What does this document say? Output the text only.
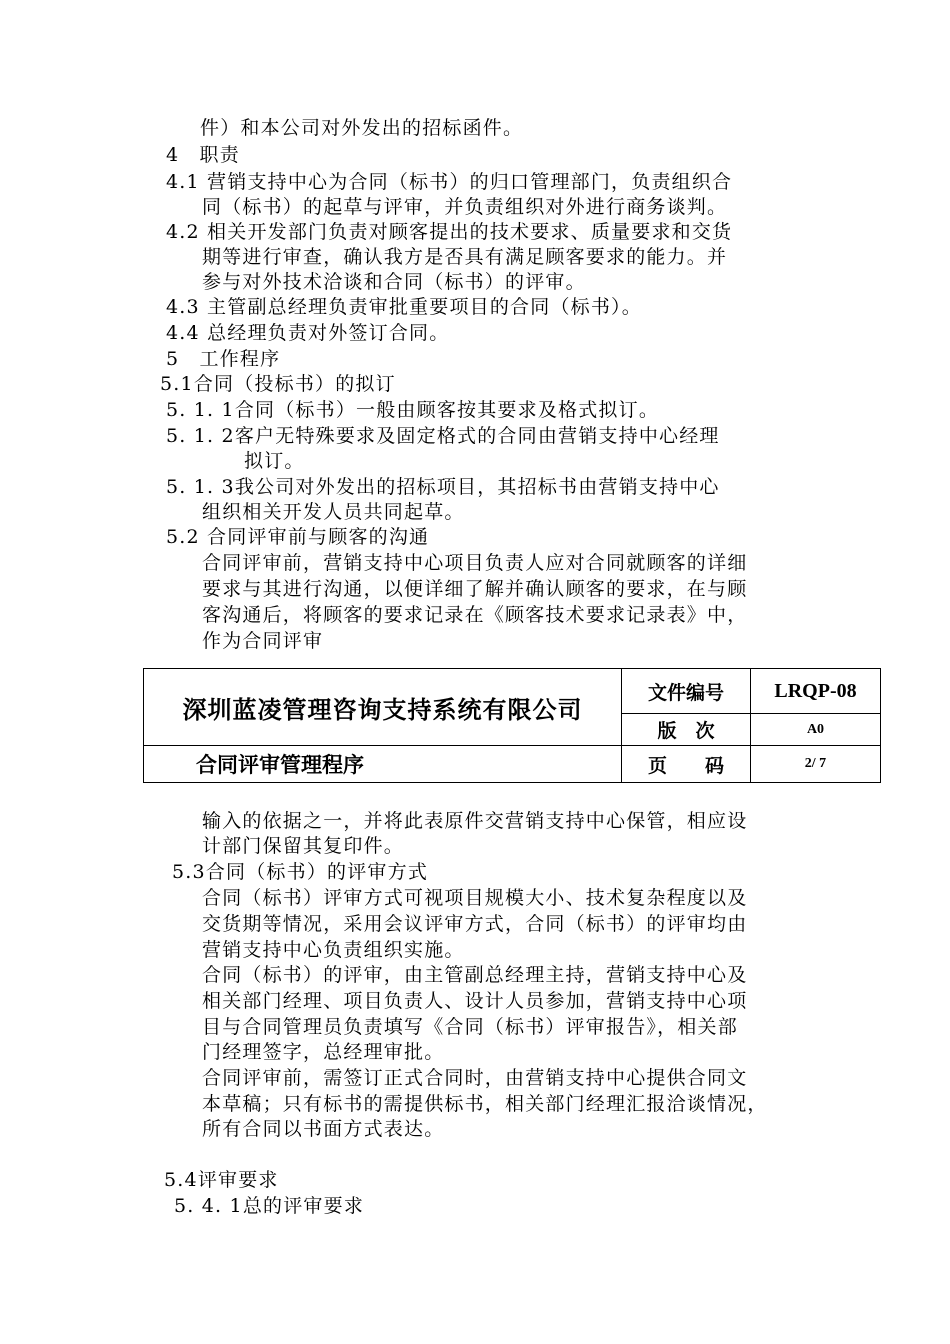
件）和本公司对外发出的招标函件。
4　职责
4.1 营销支持中心为合同（标书）的归口管理部门，负责组织合
同（标书）的起草与评审，并负责组织对外进行商务谈判。
4.2 相关开发部门负责对顾客提出的技术要求、质量要求和交货
期等进行审查，确认我方是否具有满足顾客要求的能力。并
参与对外技术洽谈和合同（标书）的评审。
4.3 主管副总经理负责审批重要项目的合同（标书）。
4.4 总经理负责对外签订合同。
5　工作程序
5.1合同（投标书）的拟订
5. 1. 1合同（标书）一般由顾客按其要求及格式拟订。
5. 1. 2客户无特殊要求及固定格式的合同由营销支持中心经理
拟订。
5. 1. 3我公司对外发出的招标项目，其招标书由营销支持中心
组织相关开发人员共同起草。
5.2 合同评审前与顾客的沟通
合同评审前，营销支持中心项目负责人应对合同就顾客的详细
要求与其进行沟通，以便详细了解并确认顾客的要求，在与顾
客沟通后，将顾客的要求记录在《顾客技术要求记录表》中，
作为合同评审
深圳蓝凌管理咨询支持系统有限公司	文件编号	LRQP-08
	版　次	A0
合同评审管理程序	页　　码	2/ 7
输入的依据之一，并将此表原件交营销支持中心保管，相应设
计部门保留其复印件。
5.3合同（标书）的评审方式
合同（标书）评审方式可视项目规模大小、技术复杂程度以及
交货期等情况，采用会议评审方式，合同（标书）的评审均由
营销支持中心负责组织实施。
合同（标书）的评审，由主管副总经理主持，营销支持中心及
相关部门经理、项目负责人、设计人员参加，营销支持中心项
目与合同管理员负责填写《合同（标书）评审报告》，相关部
门经理签字，总经理审批。
合同评审前，需签订正式合同时，由营销支持中心提供合同文
本草稿；只有标书的需提供标书，相关部门经理汇报洽谈情况，
所有合同以书面方式表达。
5.4评审要求
5. 4. 1总的评审要求
